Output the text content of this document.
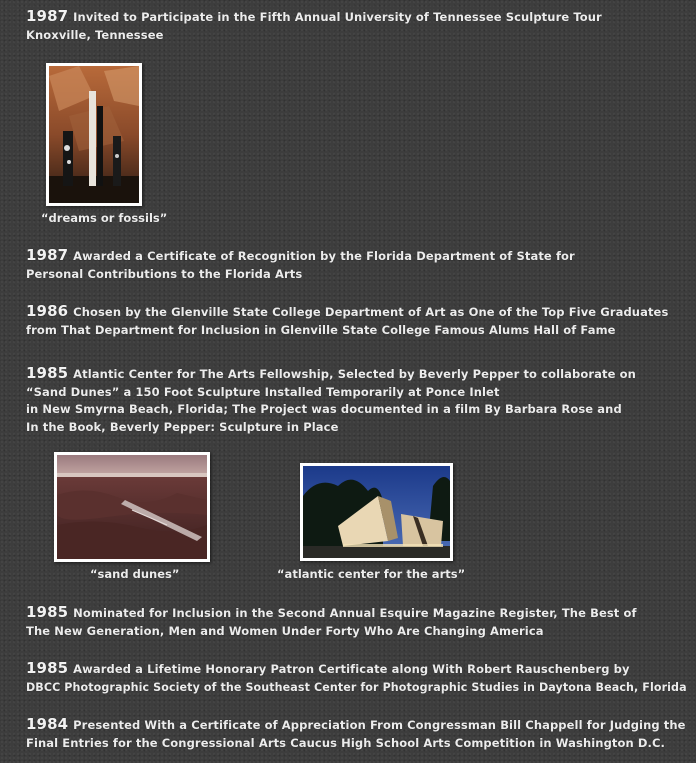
1987 Invited to Participate in the Fifth Annual University of Tennessee Sculpture Tour
Knoxville, Tennessee
“dreams or fossils”
1987 Awarded a Certificate of Recognition by the Florida Department of State for
Personal Contributions to the Florida Arts
1986 Chosen by the Glenville State College Department of Art as One of the Top Five Graduates
from That Department for Inclusion in Glenville State College Famous Alums Hall of Fame
1985 Atlantic Center for The Arts Fellowship, Selected by Beverly Pepper to collaborate on
“Sand Dunes” a 150 Foot Sculpture Installed Temporarily at Ponce Inlet
in New Smyrna Beach, Florida; The Project was documented in a film By Barbara Rose and
In the Book, Beverly Pepper: Sculpture in Place
“sand dunes”	“atlantic center for the arts”
1985 Nominated for Inclusion in the Second Annual Esquire Magazine Register, The Best of
The New Generation, Men and Women Under Forty Who Are Changing America
1985 Awarded a Lifetime Honorary Patron Certificate along With Robert Rauschenberg by
DBCC Photographic Society of the Southeast Center for Photographic Studies in Daytona Beach, Florida
1984 Presented With a Certificate of Appreciation From Congressman Bill Chappell for Judging the
Final Entries for the Congressional Arts Caucus High School Arts Competition in Washington D.C.
